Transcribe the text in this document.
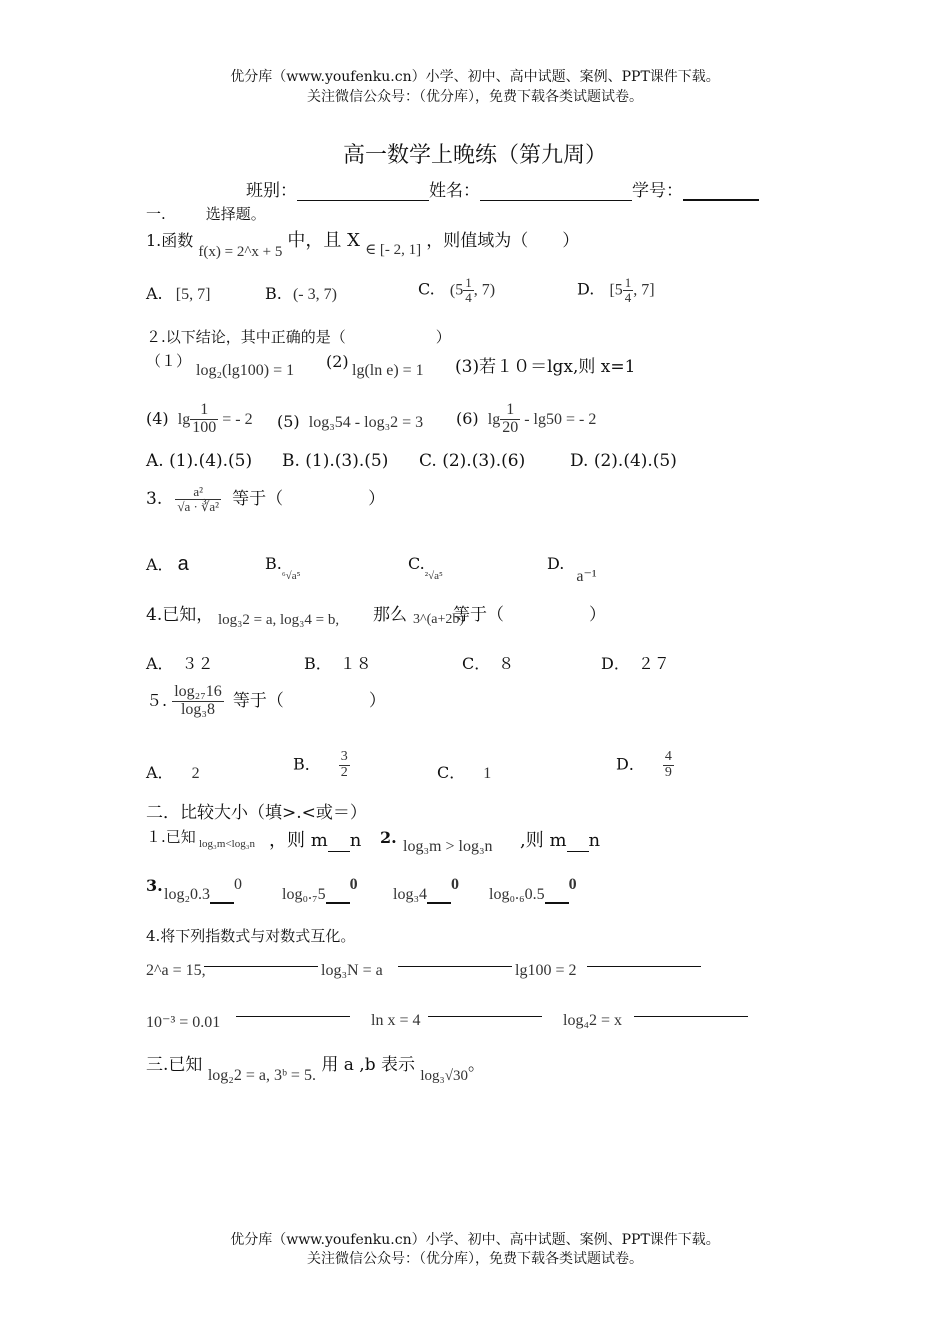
优分库（www.youfenku.cn）小学、初中、高中试题、案例、PPT课件下载。
关注微信公众号：（优分库），免费下载各类试题试卷。
高一数学上晚练（第九周）
班别：	姓名：	学号：
一.	选择题。
1.函数 f(x) = 2^x + 5 中，且 X ∈ [- 2, 1] ，则值域为（　　）
A. [5, 7]	B. (- 3, 7)	C. ($5 \frac{1}{4}$ , 7)	D. [$5 \frac{1}{4}$ , 7]
２.以下结论，其中正确的是（　　　　　　）
（１）
log₂(lg100) = 1 (2) lg(ln e) = 1 (3)若１０＝lgx,则 x=1
(4) $\lg \frac{1}{100}$ = - 2 (5) log₃54 - log₃2 = 3 (6) $\lg \frac{1}{20} - \lg 50$ = - 2
A. (1).(4).(5) B. (1).(3).(5) C. (2).(3).(6)	D. (2).(4).(5)
3. $\frac{\text{a²}}{\text{√a · ∛a²}}$ 等于（　　　　　）
A． a	$B._{^6√a^5}$
$C._{^2√a^5}$
D.a⁻¹
4.已知， log₃2 = a, log₃4 = b, 那么 3^(a+2b)
等于（　　　　　）
A．　３２	B．　１８	C．　８	D．　２７
５. $\frac{\text{log₂₇16}}{\text{log₃8}}$ 等于（　　　　　）
A． 2	B． $\frac{3}{2}$	C． 1	D． $\frac{4}{9}$
二．比较大小（填>.<或＝）
１.已知 log₃m<log₃n ，则 m n 2. log₃m > log₃n ,则 m n
3. log₂0.30
log₀.₇50
log₃40
log₀.₆0.50
4.将下列指数式与对数式互化。
2^a = 15,	log₃N = a	lg100 = 2
10⁻³ = 0.01	ln x = 4	log₄2 = x
三.已知 log₂2 = a, 3ᵇ = 5. 用 a ,b 表示 log₃√30。
优分库（www.youfenku.cn）小学、初中、高中试题、案例、PPT课件下载。
关注微信公众号：（优分库），免费下载各类试题试卷。
